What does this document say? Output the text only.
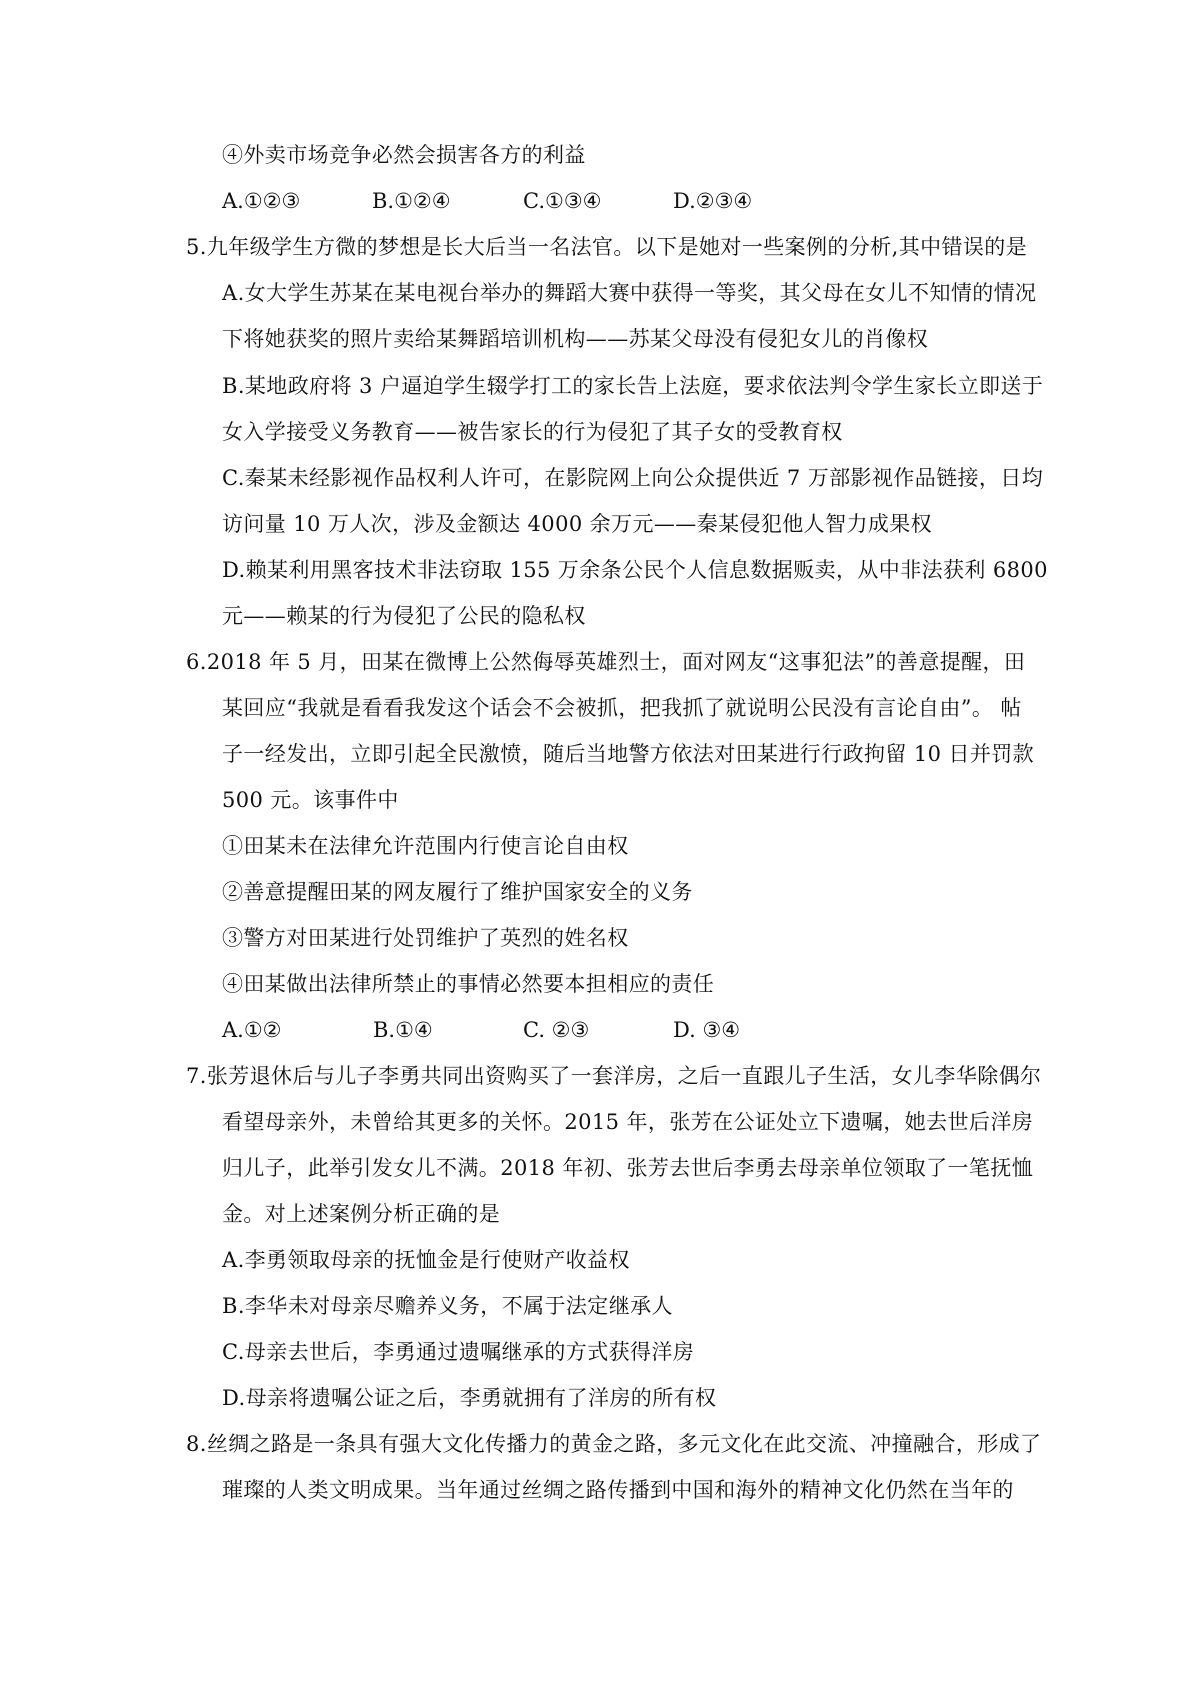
④外卖市场竞争必然会损害各方的利益
A.①②③	B.①②④	C.①③④	D.②③④
5.九年级学生方微的梦想是长大后当一名法官。以下是她对一些案例的分析,其中错误的是
A.女大学生苏某在某电视台举办的舞蹈大赛中获得一等奖，其父母在女儿不知情的情况
下将她获奖的照片卖给某舞蹈培训机构——苏某父母没有侵犯女儿的肖像权
B.某地政府将 3 户逼迫学生辍学打工的家长告上法庭，要求依法判令学生家长立即送于
女入学接受义务教育——被告家长的行为侵犯了其子女的受教育权
C.秦某未经影视作品权利人许可，在影院网上向公众提供近 7 万部影视作品链接，日均
访问量 10 万人次，涉及金额达 4000 余万元——秦某侵犯他人智力成果权
D.赖某利用黑客技术非法窃取 155 万余条公民个人信息数据贩卖，从中非法获利 6800
元——赖某的行为侵犯了公民的隐私权
6.2018 年 5 月，田某在微博上公然侮辱英雄烈士，面对网友“这事犯法”的善意提醒，田
某回应“我就是看看我发这个话会不会被抓，把我抓了就说明公民没有言论自由”。 帖
子一经发出，立即引起全民激愤，随后当地警方依法对田某进行行政拘留 10 日并罚款
500 元。该事件中
①田某未在法律允许范围内行使言论自由权
②善意提醒田某的网友履行了维护国家安全的义务
③警方对田某进行处罚维护了英烈的姓名权
④田某做出法律所禁止的事情必然要本担相应的责任
A.①②	B.①④	C. ②③	D. ③④
7.张芳退休后与儿子李勇共同出资购买了一套洋房，之后一直跟儿子生活，女儿李华除偶尔
看望母亲外，未曾给其更多的关怀。2015 年，张芳在公证处立下遗嘱，她去世后洋房
归儿子，此举引发女儿不满。2018 年初、张芳去世后李勇去母亲单位领取了一笔抚恤
金。对上述案例分析正确的是
A.李勇领取母亲的抚恤金是行使财产收益权
B.李华未对母亲尽赡养义务，不属于法定继承人
C.母亲去世后，李勇通过遗嘱继承的方式获得洋房
D.母亲将遗嘱公证之后，李勇就拥有了洋房的所有权
8.丝绸之路是一条具有强大文化传播力的黄金之路，多元文化在此交流、冲撞融合，形成了
璀璨的人类文明成果。当年通过丝绸之路传播到中国和海外的精神文化仍然在当年的
